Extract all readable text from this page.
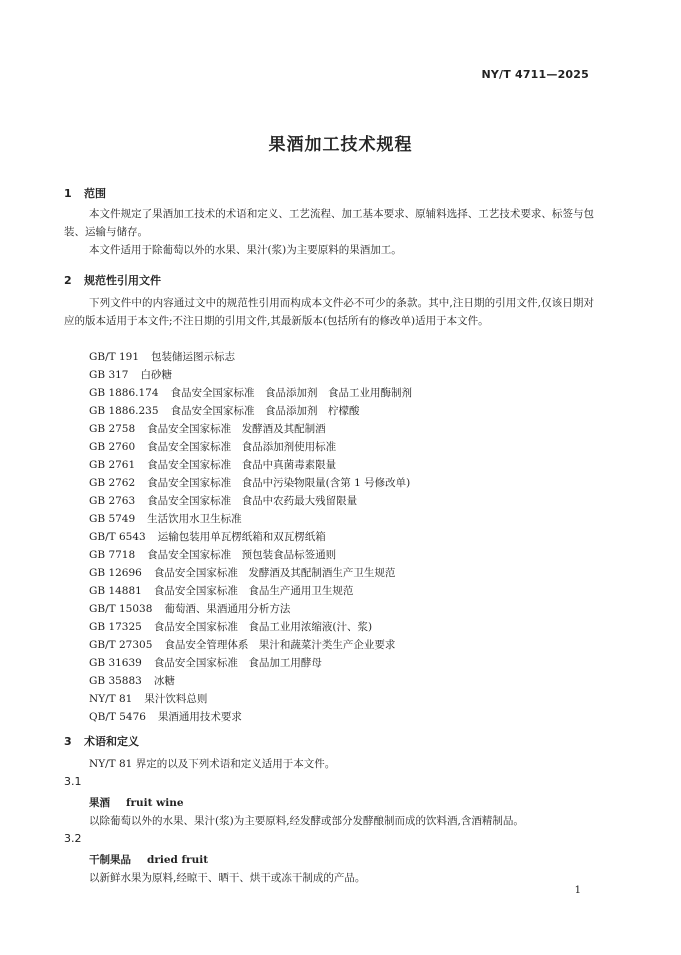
NY/T 4711—2025
果酒加工技术规程
1 范围
本文件规定了果酒加工技术的术语和定义、工艺流程、加工基本要求、原辅料选择、工艺技术要求、标签与包装、运输与储存。
本文件适用于除葡萄以外的水果、果汁(浆)为主要原料的果酒加工。
2 规范性引用文件
下列文件中的内容通过文中的规范性引用而构成本文件必不可少的条款。其中,注日期的引用文件,仅该日期对应的版本适用于本文件;不注日期的引用文件,其最新版本(包括所有的修改单)适用于本文件。
GB/T 191 包装储运图示标志
GB 317 白砂糖
GB 1886.174 食品安全国家标准　食品添加剂　食品工业用酶制剂
GB 1886.235 食品安全国家标准　食品添加剂　柠檬酸
GB 2758 食品安全国家标准　发酵酒及其配制酒
GB 2760 食品安全国家标准　食品添加剂使用标准
GB 2761 食品安全国家标准　食品中真菌毒素限量
GB 2762 食品安全国家标准　食品中污染物限量(含第 1 号修改单)
GB 2763 食品安全国家标准　食品中农药最大残留限量
GB 5749 生活饮用水卫生标准
GB/T 6543 运输包装用单瓦楞纸箱和双瓦楞纸箱
GB 7718 食品安全国家标准　预包装食品标签通则
GB 12696 食品安全国家标准　发酵酒及其配制酒生产卫生规范
GB 14881 食品安全国家标准　食品生产通用卫生规范
GB/T 15038 葡萄酒、果酒通用分析方法
GB 17325 食品安全国家标准　食品工业用浓缩液(汁、浆)
GB/T 27305 食品安全管理体系　果汁和蔬菜汁类生产企业要求
GB 31639 食品安全国家标准　食品加工用酵母
GB 35883 冰糖
NY/T 81 果汁饮料总则
QB/T 5476 果酒通用技术要求
3 术语和定义
NY/T 81 界定的以及下列术语和定义适用于本文件。
3.1
果酒 fruit wine
以除葡萄以外的水果、果汁(浆)为主要原料,经发酵或部分发酵酿制而成的饮料酒,含酒精制品。
3.2
干制果品 dried fruit
以新鲜水果为原料,经晾干、晒干、烘干或冻干制成的产品。
1
